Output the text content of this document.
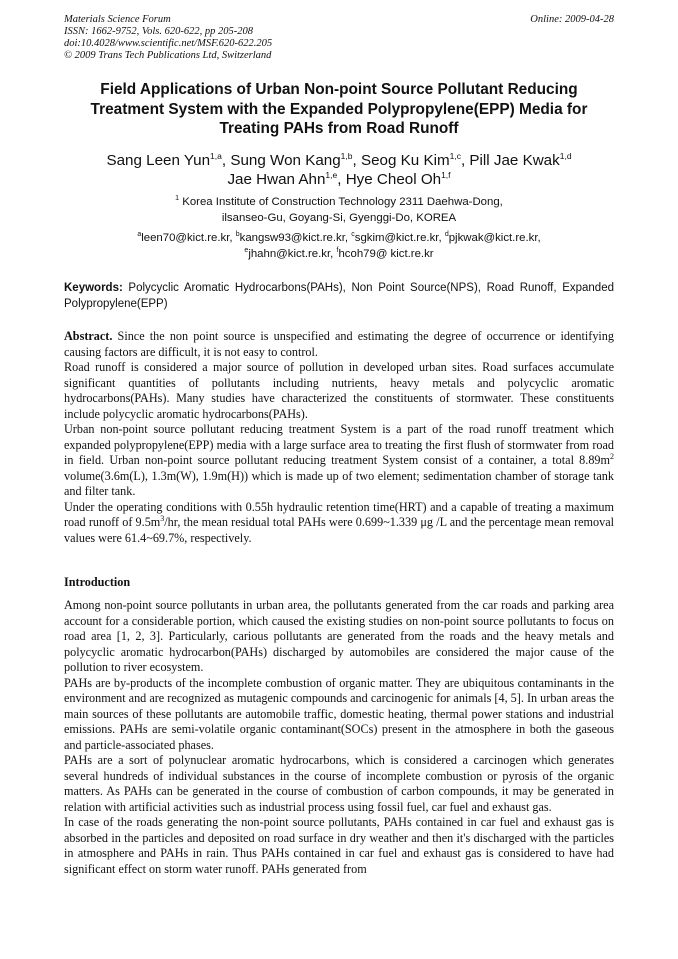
Materials Science Forum
ISSN: 1662-9752, Vols. 620-622, pp 205-208
doi:10.4028/www.scientific.net/MSF.620-622.205
© 2009 Trans Tech Publications Ltd, Switzerland
Online: 2009-04-28
Field Applications of Urban Non-point Source Pollutant Reducing Treatment System with the Expanded Polypropylene(EPP) Media for Treating PAHs from Road Runoff
Sang Leen Yun$^{1,a}$, Sung Won Kang$^{1,b}$, Seog Ku Kim$^{1,c}$, Pill Jae Kwak$^{1,d}$
Jae Hwan Ahn$^{1,e}$, Hye Cheol Oh$^{1,f}$
$^1$ Korea Institute of Construction Technology 2311 Daehwa-Dong,
ilsanseo-Gu, Goyang-Si, Gyenggi-Do, KOREA
$^a$leen70@kict.re.kr, $^b$kangsw93@kict.re.kr, $^c$sgkim@kict.re.kr, $^d$pjkwak@kict.re.kr,
$^e$jhahn@kict.re.kr, $^f$hcoh79@ kict.re.kr
Keywords: Polycyclic Aromatic Hydrocarbons(PAHs), Non Point Source(NPS), Road Runoff, Expanded Polypropylene(EPP)

Abstract. Since the non point source is unspecified and estimating the degree of occurrence or identifying causing factors are difficult, it is not easy to control.

Road runoff is considered a major source of pollution in developed urban sites. Road surfaces accumulate significant quantities of pollutants including nutrients, heavy metals and polycyclic aromatic hydrocarbons(PAHs). Many studies have characterized the constituents of stormwater. These constituents include polycyclic aromatic hydrocarbons(PAHs).

Urban non-point source pollutant reducing treatment System is a part of the road runoff treatment which expanded polypropylene(EPP) media with a large surface area to treating the first flush of stormwater from road in field. Urban non-point source pollutant reducing treatment System consist of a container, a total $8.89m^2$ volume(3.6m(L), 1.3m(W), 1.9m(H)) which is made up of two element; sedimentation chamber of storage tank and filter tank.

Under the operating conditions with 0.55h hydraulic retention time(HRT) and a capable of treating a maximum road runoff of $9.5m^3/hr$, the mean residual total PAHs were 0.699~1.339 μg /L and the percentage mean removal values were 61.4~69.7%, respectively.

Introduction

Among non-point source pollutants in urban area, the pollutants generated from the car roads and parking area account for a considerable portion, which caused the existing studies on non-point source pollutants to focus on road area [1, 2, 3]. Particularly, carious pollutants are generated from the roads and the heavy metals and polycyclic aromatic hydrocarbon(PAHs) discharged by automobiles are considered the major cause of the pollution to river ecosystem.

PAHs are by-products of the incomplete combustion of organic matter. They are ubiquitous contaminants in the environment and are recognized as mutagenic compounds and carcinogenic for animals [4, 5]. In urban areas the main sources of these pollutants are automobile traffic, domestic heating, thermal power stations and industrial emissions. PAHs are semi-volatile organic contaminant(SOCs) present in the atmosphere in both the gaseous and particle-associated phases.

PAHs are a sort of polynuclear aromatic hydrocarbons, which is considered a carcinogen which generates several hundreds of individual substances in the course of incomplete combustion or pyrosis of the organic matters. As PAHs can be generated in the course of combustion of carbon compounds, it may be generated in relation with artificial activities such as industrial process using fossil fuel, car fuel and exhaust gas.

In case of the roads generating the non-point source pollutants, PAHs contained in car fuel and exhaust gas is absorbed in the particles and deposited on road surface in dry weather and then it's discharged with the particles in atmosphere and PAHs in rain. Thus PAHs contained in car fuel and exhaust gas is considered to have had significant effect on storm water runoff. PAHs generated from
